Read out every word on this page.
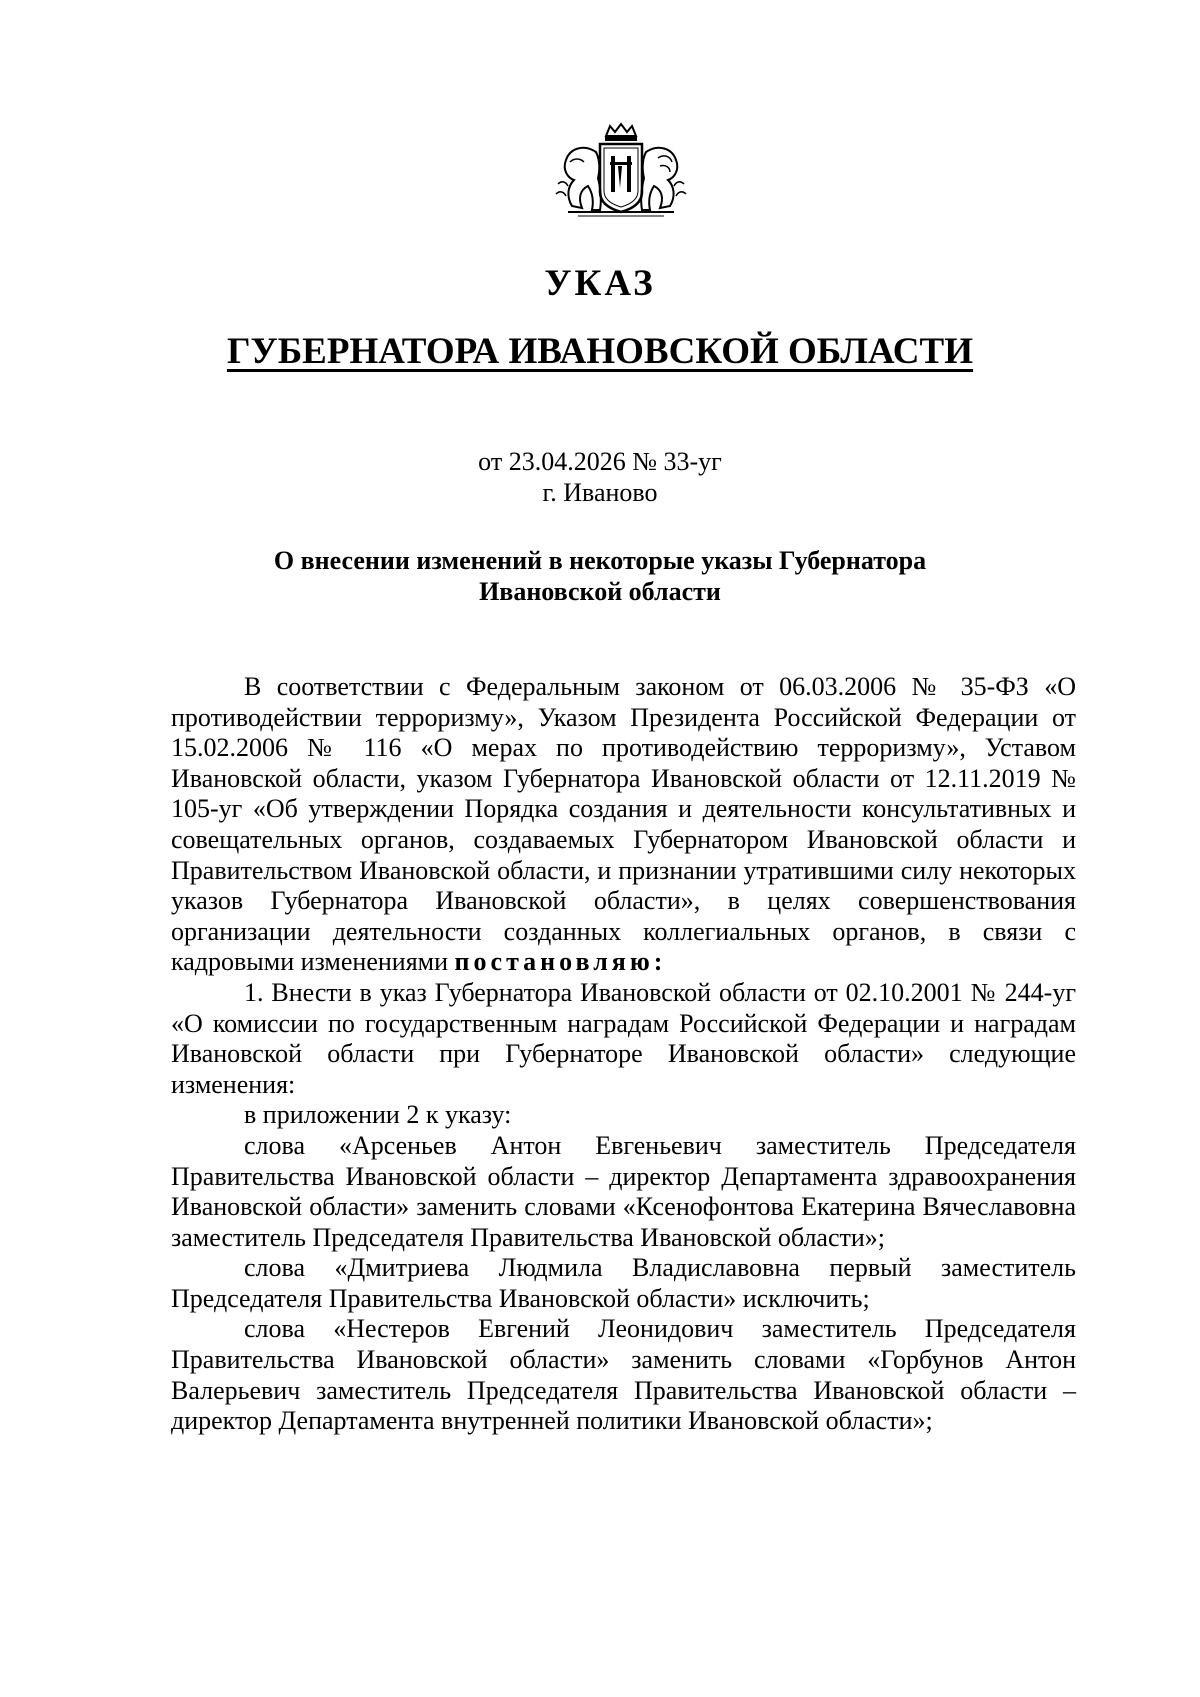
УКАЗ
ГУБЕРНАТОРА ИВАНОВСКОЙ ОБЛАСТИ
от 23.04.2026 № 33-уг
г. Иваново
О внесении изменений в некоторые указы Губернатора
Ивановской области

В соответствии с Федеральным законом от 06.03.2006 № 35-ФЗ «О противодействии терроризму», Указом Президента Российской Федерации от 15.02.2006 № 116 «О мерах по противодействию терроризму», Уставом Ивановской области, указом Губернатора Ивановской области от 12.11.2019 № 105-уг «Об утверждении Порядка создания и деятельности консультативных и совещательных органов, создаваемых Губернатором Ивановской области и Правительством Ивановской области, и признании утратившими силу некоторых указов Губернатора Ивановской области», в целях совершенствования организации деятельности созданных коллегиальных органов, в связи с кадровыми изменениями постановляю:

1. Внести в указ Губернатора Ивановской области от 02.10.2001 № 244-уг «О комиссии по государственным наградам Российской Федерации и наградам Ивановской области при Губернаторе Ивановской области» следующие изменения:

в приложении 2 к указу:

слова «Арсеньев Антон Евгеньевич заместитель Председателя Правительства Ивановской области – директор Департамента здравоохранения Ивановской области» заменить словами «Ксенофонтова Екатерина Вячеславовна заместитель Председателя Правительства Ивановской области»;

слова «Дмитриева Людмила Владиславовна первый заместитель Председателя Правительства Ивановской области» исключить;

слова «Нестеров Евгений Леонидович заместитель Председателя Правительства Ивановской области» заменить словами «Горбунов Антон Валерьевич заместитель Председателя Правительства Ивановской области – директор Департамента внутренней политики Ивановской области»;
